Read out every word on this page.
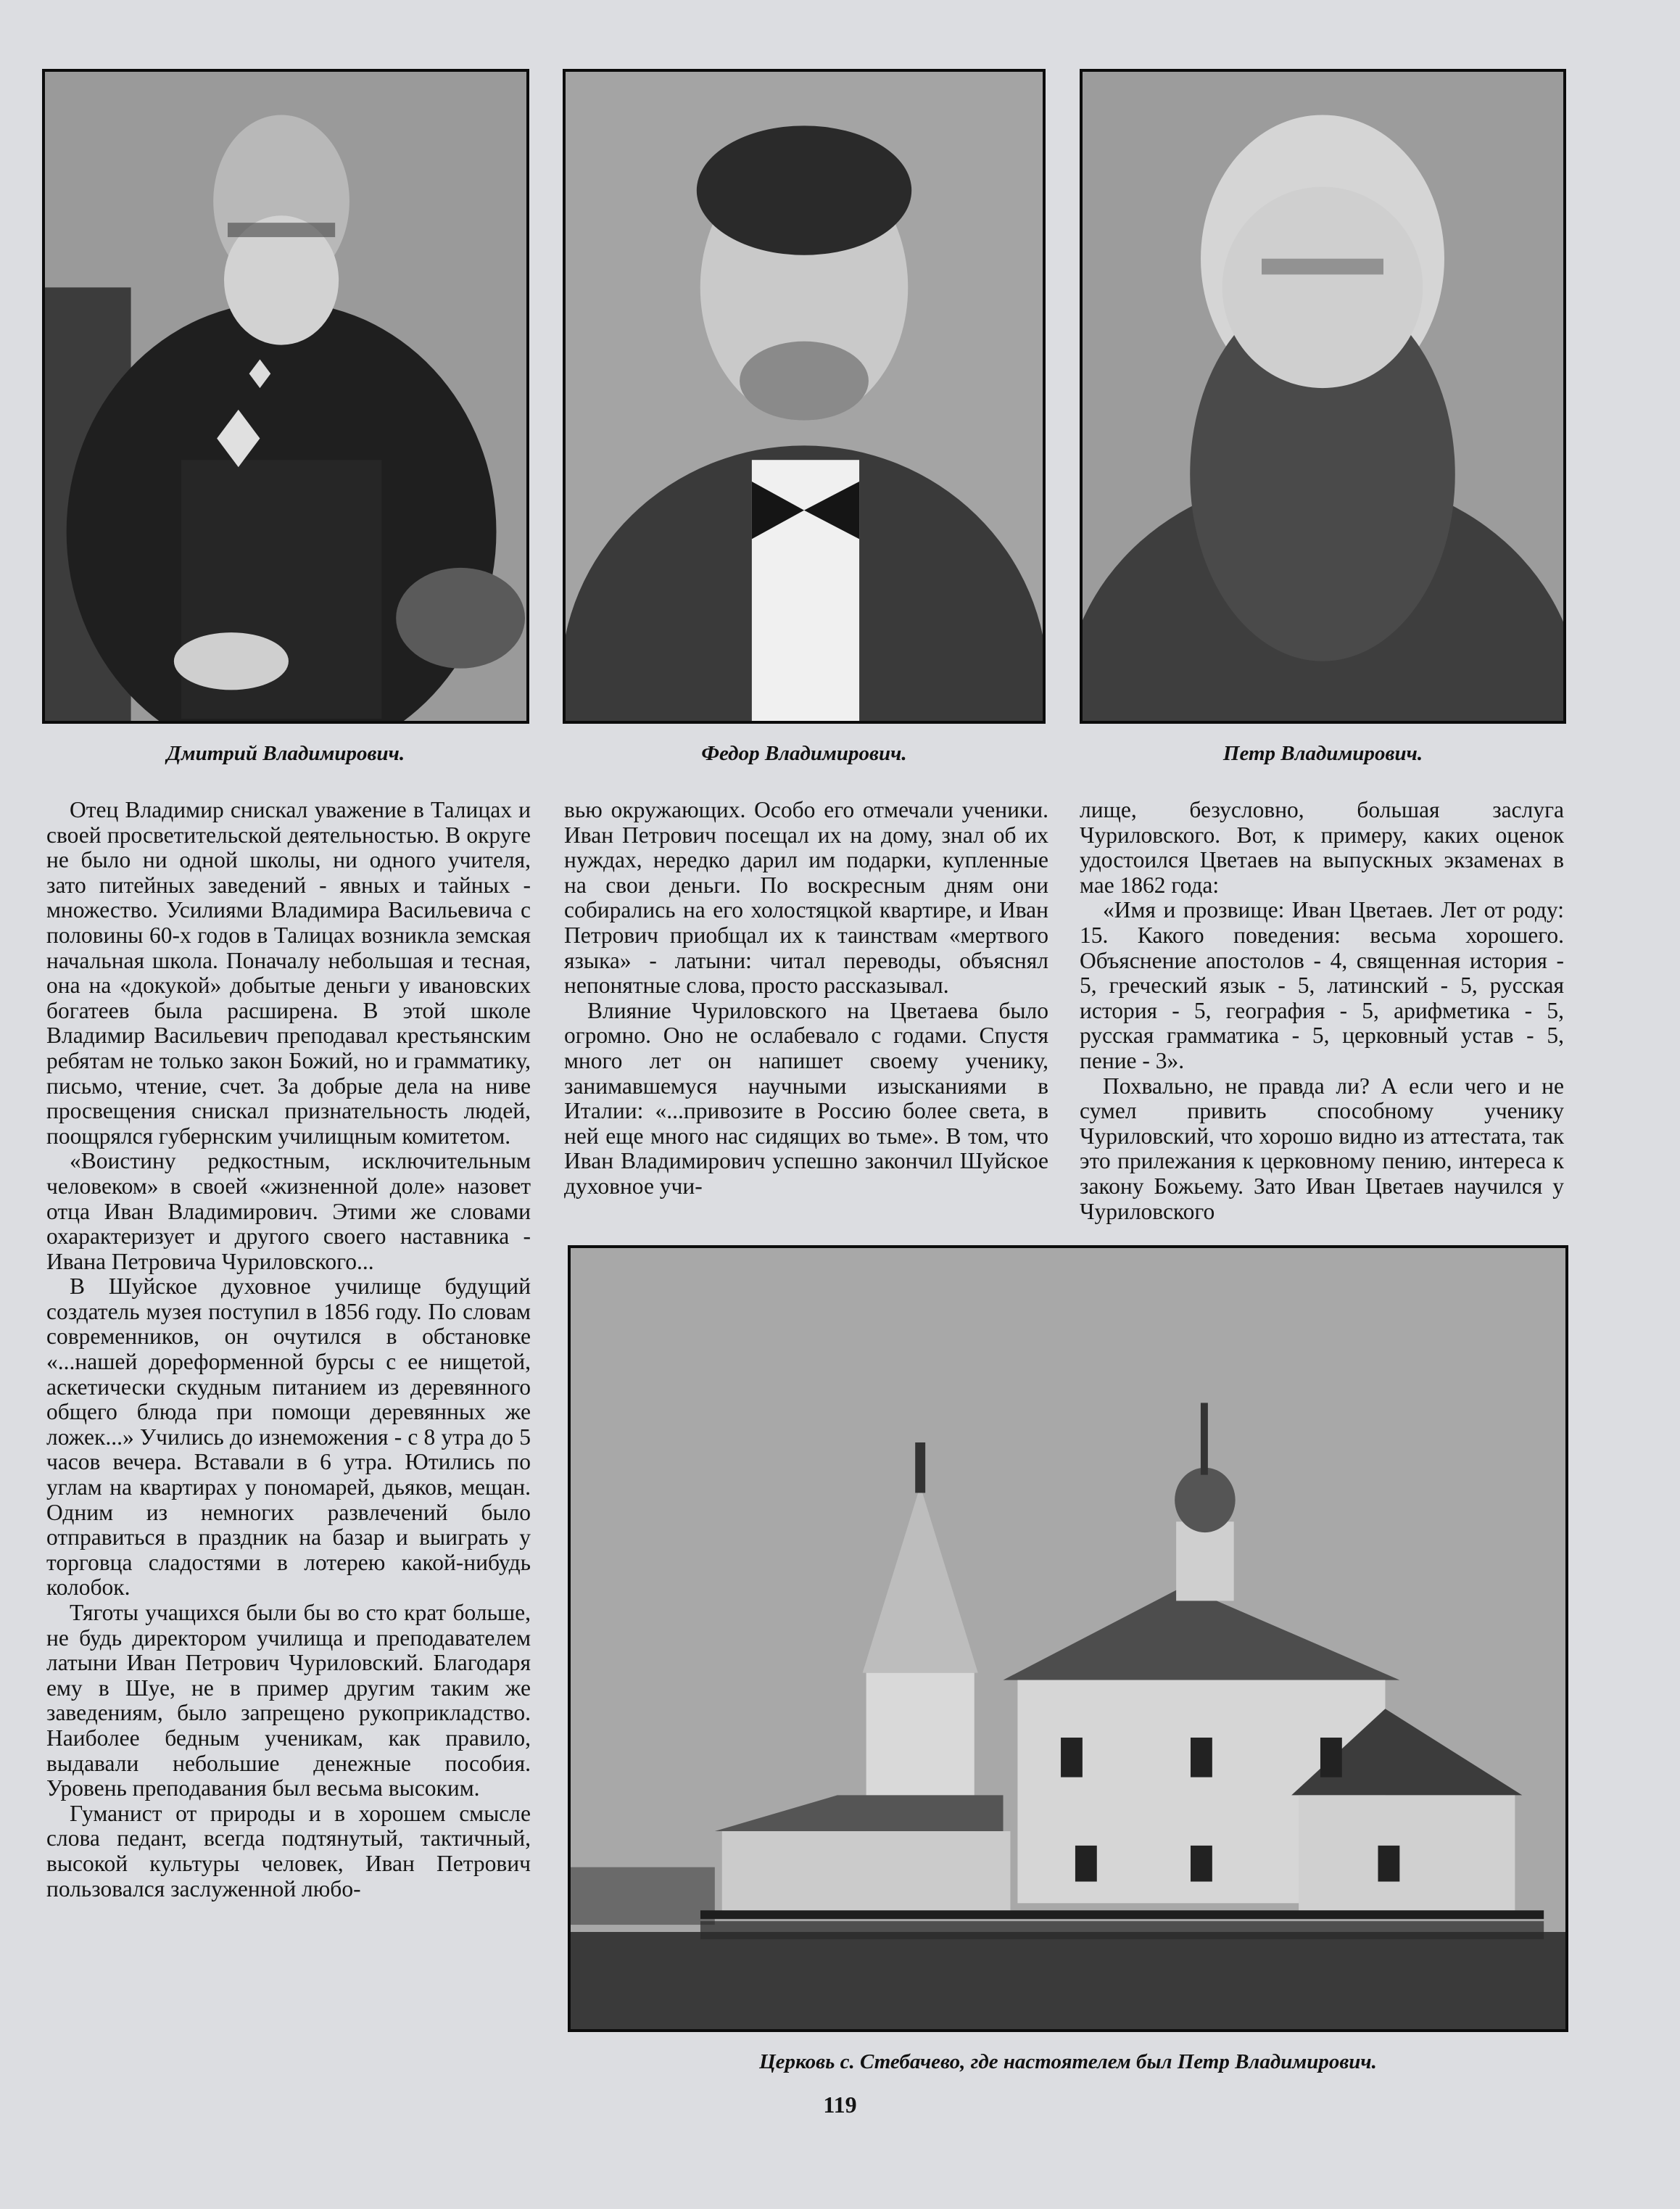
Дмитрий Владимирович.	Федор Владимирович.	Петр Владимирович.

Отец Владимир снискал уважение в Талицах и своей просветительской деятельностью. В округе не было ни одной школы, ни одного учителя, зато питейных заведений - явных и тайных - множество. Усилиями Владимира Васильевича с половины 60-х годов в Талицах возникла земская начальная школа. Поначалу небольшая и тесная, она на «докукой» добытые деньги у ивановских богатеев была расширена. В этой школе Владимир Васильевич преподавал крестьянским ребятам не только закон Божий, но и грамматику, письмо, чтение, счет. За добрые дела на ниве просвещения снискал признательность людей, поощрялся губернским училищным комитетом.

«Воистину редкостным, исключительным человеком» в своей «жизненной доле» назовет отца Иван Владимирович. Этими же словами охарактеризует и другого своего наставника - Ивана Петровича Чуриловского...

В Шуйское духовное училище будущий создатель музея поступил в 1856 году. По словам современников, он очутился в обстановке «...нашей дореформенной бурсы с ее нищетой, аскетически скудным питанием из деревянного общего блюда при помощи деревянных же ложек...» Учились до изнеможения - с 8 утра до 5 часов вечера. Вставали в 6 утра. Ютились по углам на квартирах у пономарей, дьяков, мещан. Одним из немногих развлечений было отправиться в праздник на базар и выиграть у торговца сладостями в лотерею какой-нибудь колобок.

Тяготы учащихся были бы во сто крат больше, не будь директором училища и преподавателем латыни Иван Петрович Чуриловский. Благодаря ему в Шуе, не в пример другим таким же заведениям, было запрещено рукоприкладство. Наиболее бедным ученикам, как правило, выдавали небольшие денежные пособия. Уровень преподавания был весьма высоким.

Гуманист от природы и в хорошем смысле слова педант, всегда подтянутый, тактичный, высокой культуры человек, Иван Петрович пользовался заслуженной любо-

вью окружающих. Особо его отмечали ученики. Иван Петрович посещал их на дому, знал об их нуждах, нередко дарил им подарки, купленные на свои деньги. По воскресным дням они собирались на его холостяцкой квартире, и Иван Петрович приобщал их к таинствам «мертвого языка» - латыни: читал переводы, объяснял непонятные слова, просто рассказывал.

Влияние Чуриловского на Цветаева было огромно. Оно не ослабевало с годами. Спустя много лет он напишет своему ученику, занимавшемуся научными изысканиями в Италии: «...привозите в Россию более света, в ней еще много нас сидящих во тьме». В том, что Иван Владимирович успешно закончил Шуйское духовное учи-

лище, безусловно, большая заслуга Чуриловского. Вот, к примеру, каких оценок удостоился Цветаев на выпускных экзаменах в мае 1862 года:

«Имя и прозвище: Иван Цветаев. Лет от роду: 15. Какого поведения: весьма хорошего. Объяснение апостолов - 4, священная история - 5, греческий язык - 5, латинский - 5, русская история - 5, география - 5, арифметика - 5, русская грамматика - 5, церковный устав - 5, пение - 3».

Похвально, не правда ли? А если чего и не сумел привить способному ученику Чуриловский, что хорошо видно из аттестата, так это прилежания к церковному пению, интереса к закону Божьему. Зато Иван Цветаев научился у Чуриловского

Церковь с. Стебачево, где настоятелем был Петр Владимирович.
119
